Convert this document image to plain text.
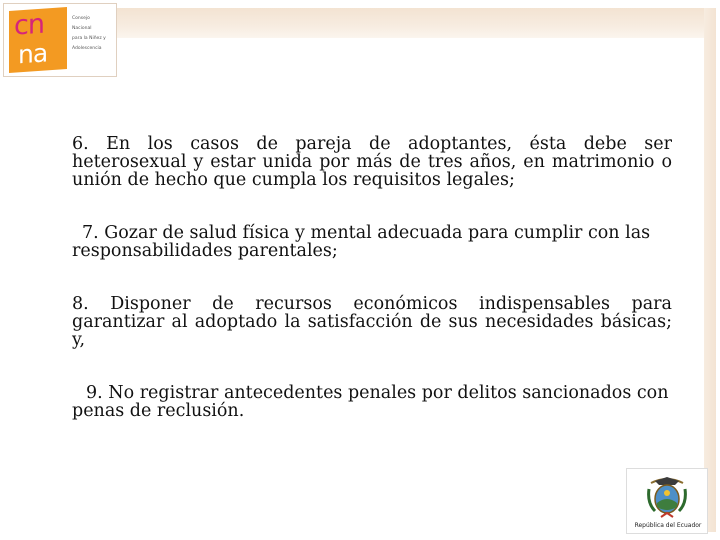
cn
na
Consejo
Nacional
para la Niñez y
Adolescencia
6. En los casos de pareja de adoptantes, ésta debe ser heterosexual y estar unida por más de tres años, en matrimonio o unión de hecho que cumpla los requisitos legales;
7. Gozar de salud física y mental adecuada para cumplir con las responsabilidades parentales;
8. Disponer de recursos económicos indispensables para garantizar al adoptado la satisfacción de sus necesidades básicas; y,
9. No registrar antecedentes penales por delitos sancionados con penas de reclusión.
República del Ecuador
